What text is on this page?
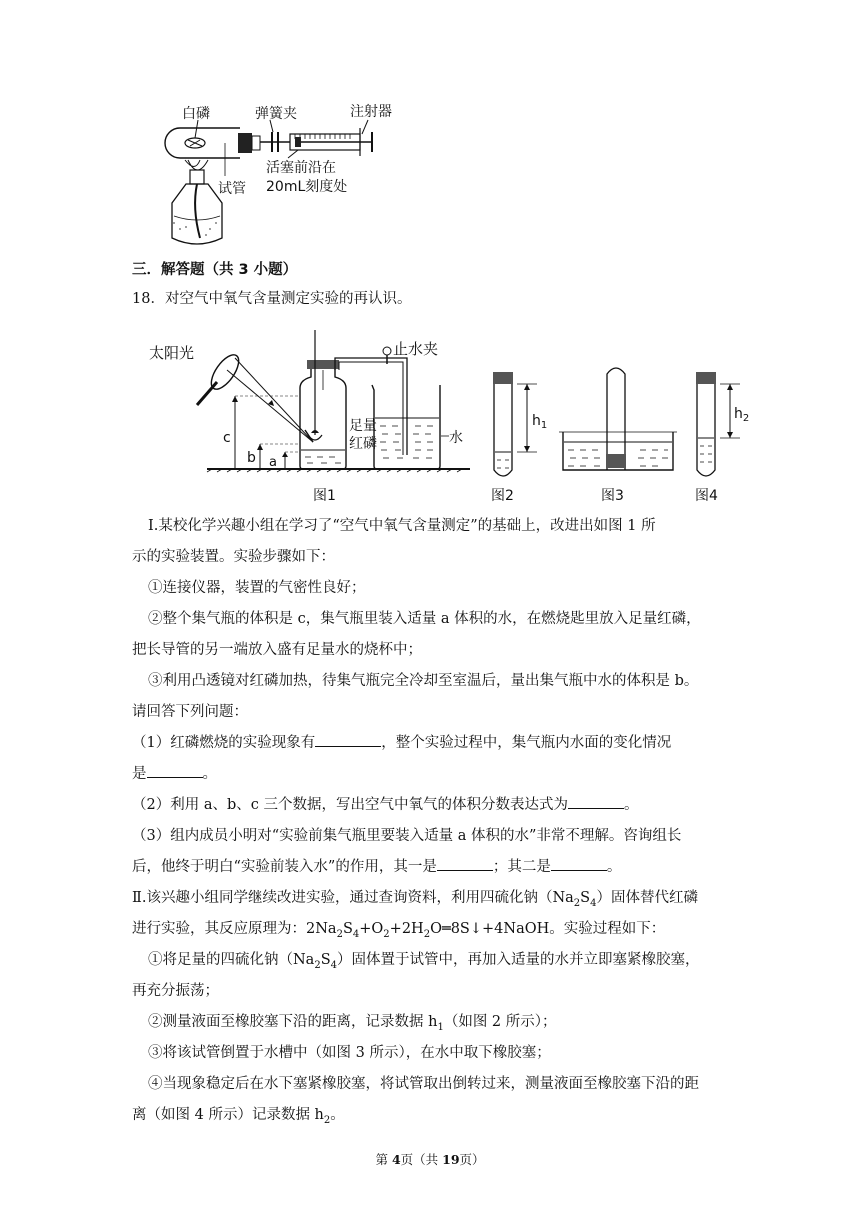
白磷	弹簧夹	注射器
试管
活塞前沿在
20mL刻度处
三．解答题（共 3 小题）
18．对空气中氧气含量测定实验的再认识。
太阳光	止水夹
足量
红磷	水
c
b a
图1
$h_1$
图2	图3
$h_2$
图4
Ⅰ.某校化学兴趣小组在学习了“空气中氧气含量测定”的基础上，改进出如图 1 所
示的实验装置。实验步骤如下：
①连接仪器，装置的气密性良好；
②整个集气瓶的体积是 c，集气瓶里装入适量 a 体积的水，在燃烧匙里放入足量红磷，
把长导管的另一端放入盛有足量水的烧杯中；
③利用凸透镜对红磷加热，待集气瓶完全冷却至室温后，量出集气瓶中水的体积是 b。
请回答下列问题：
（1）红磷燃烧的实验现象有	，整个实验过程中，集气瓶内水面的变化情况
是	。
（2）利用 a、b、c 三个数据，写出空气中氧气的体积分数表达式为	。
（3）组内成员小明对“实验前集气瓶里要装入适量 a 体积的水”非常不理解。咨询组长
后，他终于明白“实验前装入水”的作用，其一是	；其二是	。
Ⅱ.该兴趣小组同学继续改进实验，通过查询资料，利用四硫化钠$(Na_2S_4)$固体替代红磷
进行实验，其反应原理为：$2Na_2S_4+O_2+2H_2O═8S↓+4NaOH$。实验过程如下：
①将足量的四硫化钠$(Na_2S_4)$固体置于试管中，再加入适量的水并立即塞紧橡胶塞，
再充分振荡；
②测量液面至橡胶塞下沿的距离，记录数据 $h_1$（如图 2 所示）；
③将该试管倒置于水槽中（如图 3 所示），在水中取下橡胶塞；
④当现象稳定后在水下塞紧橡胶塞，将试管取出倒转过来，测量液面至橡胶塞下沿的距
离（如图 4 所示）记录数据 $h_2$。
第 4页（共 19页）
